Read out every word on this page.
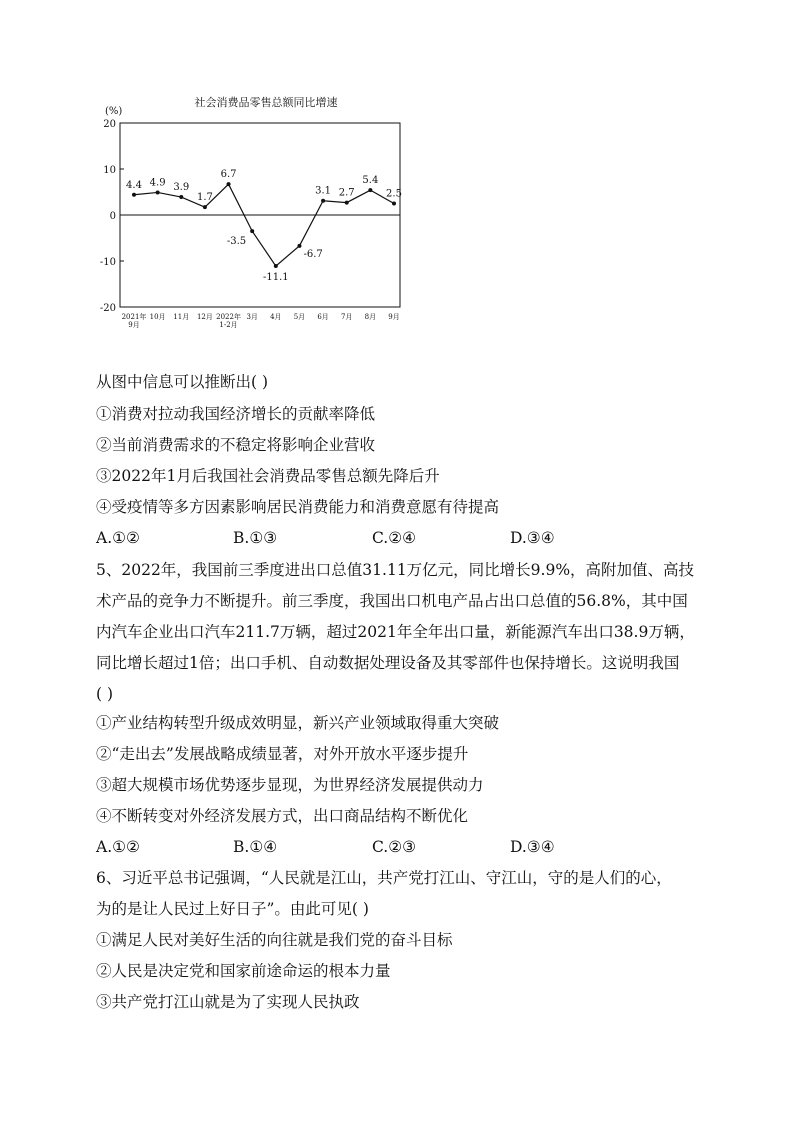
社会消费品零售总额同比增速
(%)
20
10
0
-10
-20
2021年 9月
10月 11月 12月 2022年 1-2月
3月 4月 5月 6月 7月 8月 9月
4.4 4.9 3.9
1.7
6.7
-3.5
-11.1
-6.7
3.1 2.7
5.4
2.5
从图中信息可以推断出( )
①消费对拉动我国经济增长的贡献率降低
②当前消费需求的不稳定将影响企业营收
③2022年1月后我国社会消费品零售总额先降后升
④受疫情等多方因素影响居民消费能力和消费意愿有待提高
A.①②	B.①③	C.②④	D.③④
5、2022年，我国前三季度进出口总值31.11万亿元，同比增长9.9%，高附加值、高技
术产品的竞争力不断提升。前三季度，我国出口机电产品占出口总值的56.8%，其中国
内汽车企业出口汽车211.7万辆，超过2021年全年出口量，新能源汽车出口38.9万辆，
同比增长超过1倍；出口手机、自动数据处理设备及其零部件也保持增长。这说明我国
( )
①产业结构转型升级成效明显，新兴产业领域取得重大突破
②“走出去”发展战略成绩显著，对外开放水平逐步提升
③超大规模市场优势逐步显现，为世界经济发展提供动力
④不断转变对外经济发展方式，出口商品结构不断优化
A.①②	B.①④	C.②③	D.③④
6、习近平总书记强调，“人民就是江山，共产党打江山、守江山，守的是人们的心，
为的是让人民过上好日子”。由此可见( )
①满足人民对美好生活的向往就是我们党的奋斗目标
②人民是决定党和国家前途命运的根本力量
③共产党打江山就是为了实现人民执政
